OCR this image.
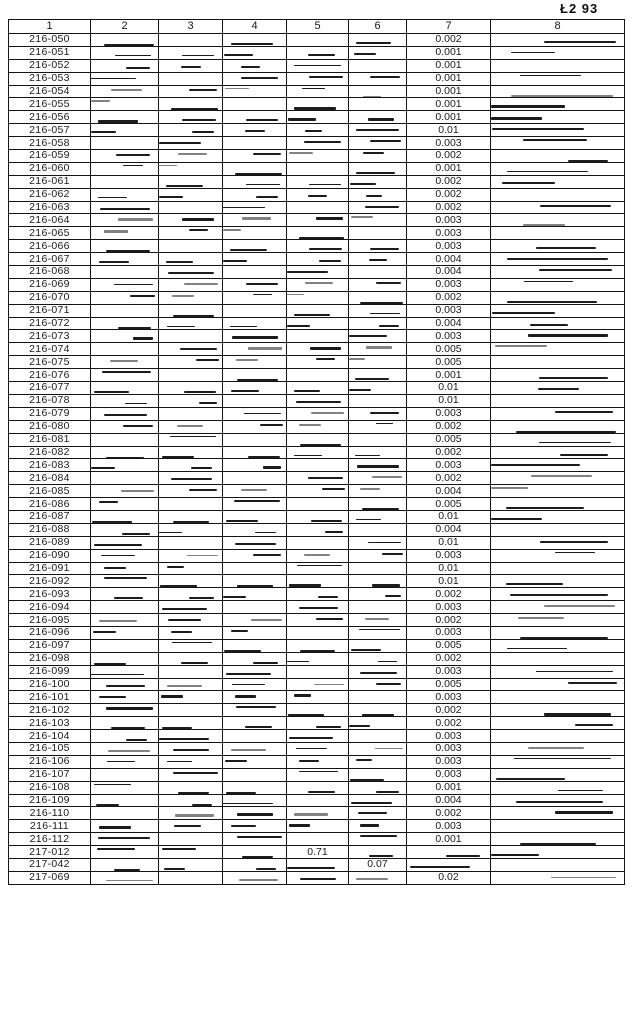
Ł2 93
1	2	3	4	5	6	7	8
216-050						0.002	

216-051						0.001	

216-052						0.001	
216-053						0.001	

216-054						0.001	

216-055						0.001	

216-056						0.001	

216-057						0.01	

216-058						0.003	

216-059						0.002	

216-060						0.001	

216-061						0.002	

216-062						0.002	
216-063						0.002	

216-064						0.003	

216-065						0.003	
216-066						0.003	

216-067						0.004	

216-068						0.004	

216-069						0.003	

216-070						0.002	

216-071						0.003	

216-072						0.004	

216-073						0.003	

216-074						0.005	

216-075						0.005	
216-076						0.001	

216-077						0.01	

216-078						0.01	
216-079						0.003	

216-080						0.002	

216-081						0.005	

216-082						0.002	

216-083						0.003	

216-084						0.002	

216-085						0.004	

216-086						0.005	

216-087						0.01	

216-088						0.004	
216-089						0.01	

216-090						0.003	

216-091						0.01	
216-092						0.01	

216-093						0.002	

216-094						0.003	

216-095						0.002	

216-096						0.003	

216-097						0.005	

216-098						0.002	
216-099						0.003	

216-100						0.005	

216-101						0.003	
216-102						0.002	

216-103						0.002	

216-104						0.003	
216-105						0.003	

216-106						0.003	

216-107						0.003	

216-108						0.001	

216-109						0.004	

216-110						0.002	

216-111						0.003	
216-112						0.001	

217-012				0.71	

217-042					0.07	

217-069						0.02	
